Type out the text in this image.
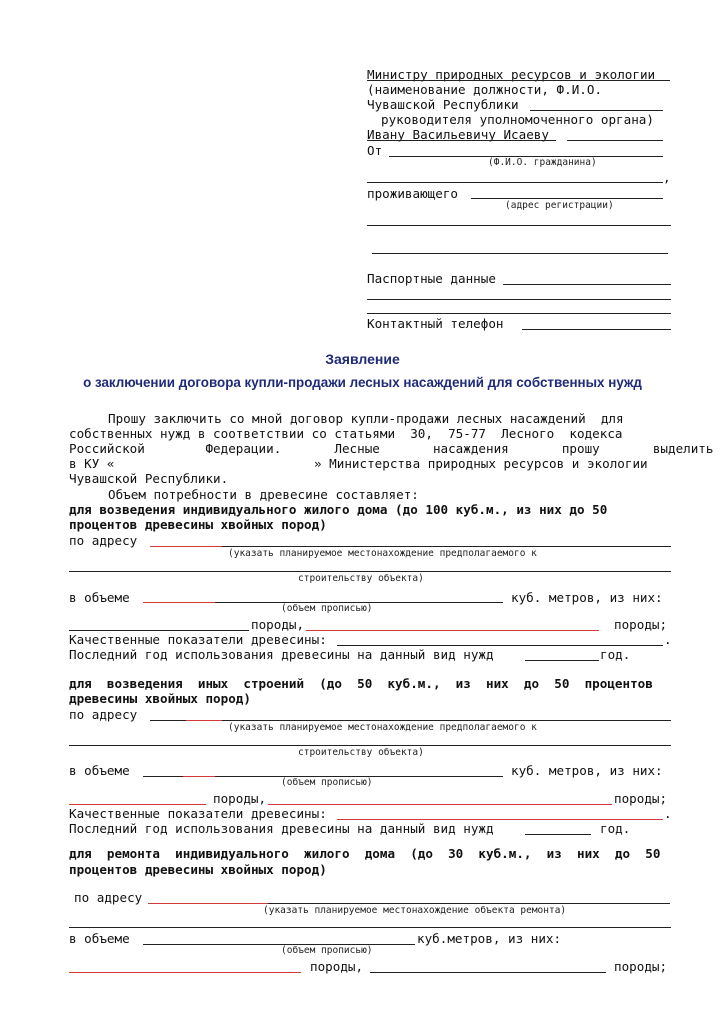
Министру природных ресурсов и экологии
(наименование должности, Ф.И.О.
Чувашской Республики
руководителя уполномоченного органа)
Ивану Васильевичу Исаеву
От
(Ф.И.О. гражданина)
,
проживающего
(адрес регистрации)
Паспортные данные
Контактный телефон
Заявление
о заключении договора купли-продажи лесных насаждений для собственных нужд
Прошу заключить со мной договор купли-продажи лесных насаждений  для
собственных нужд в соответствии со статьями  30,  75-77  Лесного  кодекса
Российской        Федерации.       Лесные       насаждения       прошу       выделить
в КУ «	» Министерства природных ресурсов и экологии
Чувашской Республики.
Объем потребности в древесине составляет:
для возведения индивидуального жилого дома (до 100 куб.м., из них до 50
процентов древесины хвойных пород)
по адресу
(указать планируемое местонахождение предполагаемого к
строительству объекта)
в объеме	куб. метров, из них:
(объем прописью)
породы,	породы;
Качественные показатели древесины:	.
Последний год использования древесины на данный вид нужд	год.
для  возведения  иных  строений  (до  50  куб.м.,  из  них  до  50  процентов
древесины хвойных пород)
по адресу
(указать планируемое местонахождение предполагаемого к
строительству объекта)
в объеме	куб. метров, из них:
(объем прописью)
породы,	породы;
Качественные показатели древесины:	.
Последний год использования древесины на данный вид нужд	год.
для  ремонта  индивидуального  жилого  дома  (до  30  куб.м.,  из  них  до  50
процентов древесины хвойных пород)
по адресу
(указать планируемое местонахождение объекта ремонта)
в объеме	куб.метров, из них:
(объем прописью)
породы,	породы;
